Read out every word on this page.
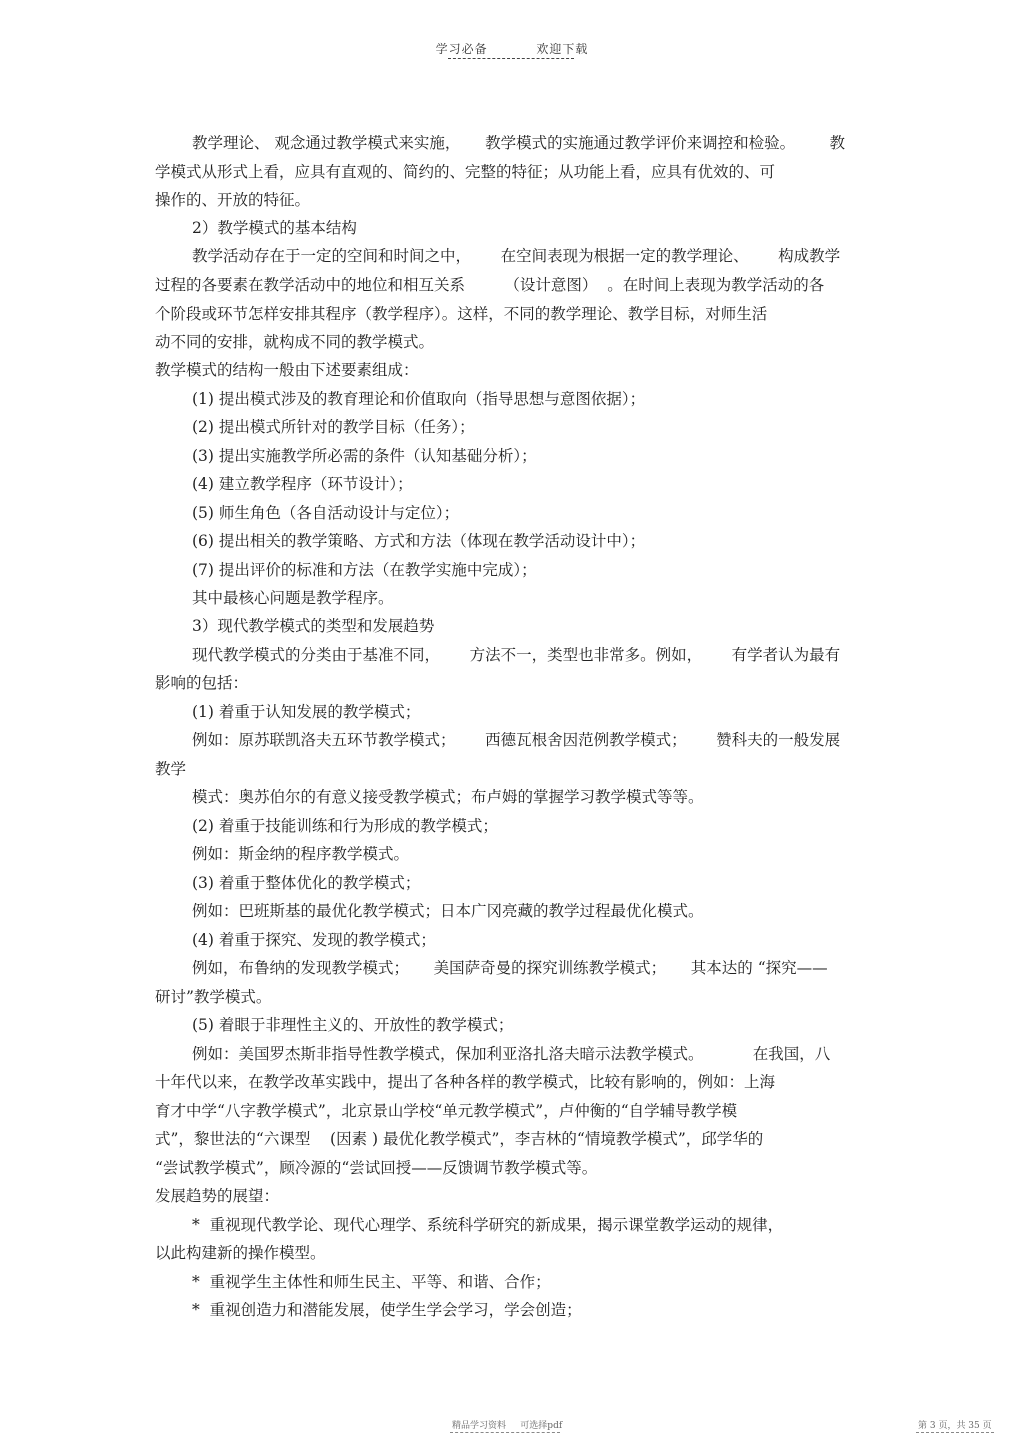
学习必备	欢迎下载
教学理论、 观念通过教学模式来实施，     教学模式的实施通过教学评价来调控和检验。       教
学模式从形式上看，应具有直观的、简约的、完整的特征；从功能上看，应具有优效的、可
操作的、开放的特征。
2）教学模式的基本结构
教学活动存在于一定的空间和时间之中，      在空间表现为根据一定的教学理论、      构成教学
过程的各要素在教学活动中的地位和相互关系        （设计意图）  。在时间上表现为教学活动的各
个阶段或环节怎样安排其程序（教学程序）。这样，不同的教学理论、教学目标，对师生活
动不同的安排，就构成不同的教学模式。
教学模式的结构一般由下述要素组成：
(1) 提出模式涉及的教育理论和价值取向（指导思想与意图依据）；
(2) 提出模式所针对的教学目标（任务）；
(3) 提出实施教学所必需的条件（认知基础分析）；
(4) 建立教学程序（环节设计）；
(5) 师生角色（各自活动设计与定位）；
(6) 提出相关的教学策略、方式和方法（体现在教学活动设计中）；
(7) 提出评价的标准和方法（在教学实施中完成）；
其中最核心问题是教学程序。
3）现代教学模式的类型和发展趋势
现代教学模式的分类由于基准不同，      方法不一，类型也非常多。例如，      有学者认为最有
影响的包括：
(1) 着重于认知发展的教学模式；
例如：原苏联凯洛夫五环节教学模式；      西德瓦根舍因范例教学模式；      赞科夫的一般发展
教学
模式：奥苏伯尔的有意义接受教学模式；布卢姆的掌握学习教学模式等等。
(2) 着重于技能训练和行为形成的教学模式；
例如：斯金纳的程序教学模式。
(3) 着重于整体优化的教学模式；
例如：巴班斯基的最优化教学模式；日本广冈亮藏的教学过程最优化模式。
(4) 着重于探究、发现的教学模式；
例如，布鲁纳的发现教学模式；     美国萨奇曼的探究训练教学模式；     其本达的 “探究——
研讨”教学模式。
(5) 着眼于非理性主义的、开放性的教学模式；
例如：美国罗杰斯非指导性教学模式，保加利亚洛扎洛夫暗示法教学模式。          在我国，八
十年代以来，在教学改革实践中，提出了各种各样的教学模式，比较有影响的，例如：上海
育才中学“八字教学模式”，北京景山学校“单元教学模式”，卢仲衡的“自学辅导教学模
式”，黎世法的“六课型    (因素 ) 最优化教学模式”，李吉林的“情境教学模式”，邱学华的
“尝试教学模式”，顾冷源的“尝试回授——反馈调节教学模式等。
发展趋势的展望：
*  重视现代教学论、现代心理学、系统科学研究的新成果，揭示课堂教学运动的规律，
以此构建新的操作模型。
*  重视学生主体性和师生民主、平等、和谐、合作；
*  重视创造力和潜能发展，使学生学会学习，学会创造；
精品学习资料     可选择pdf	第 3 页，共 35 页
